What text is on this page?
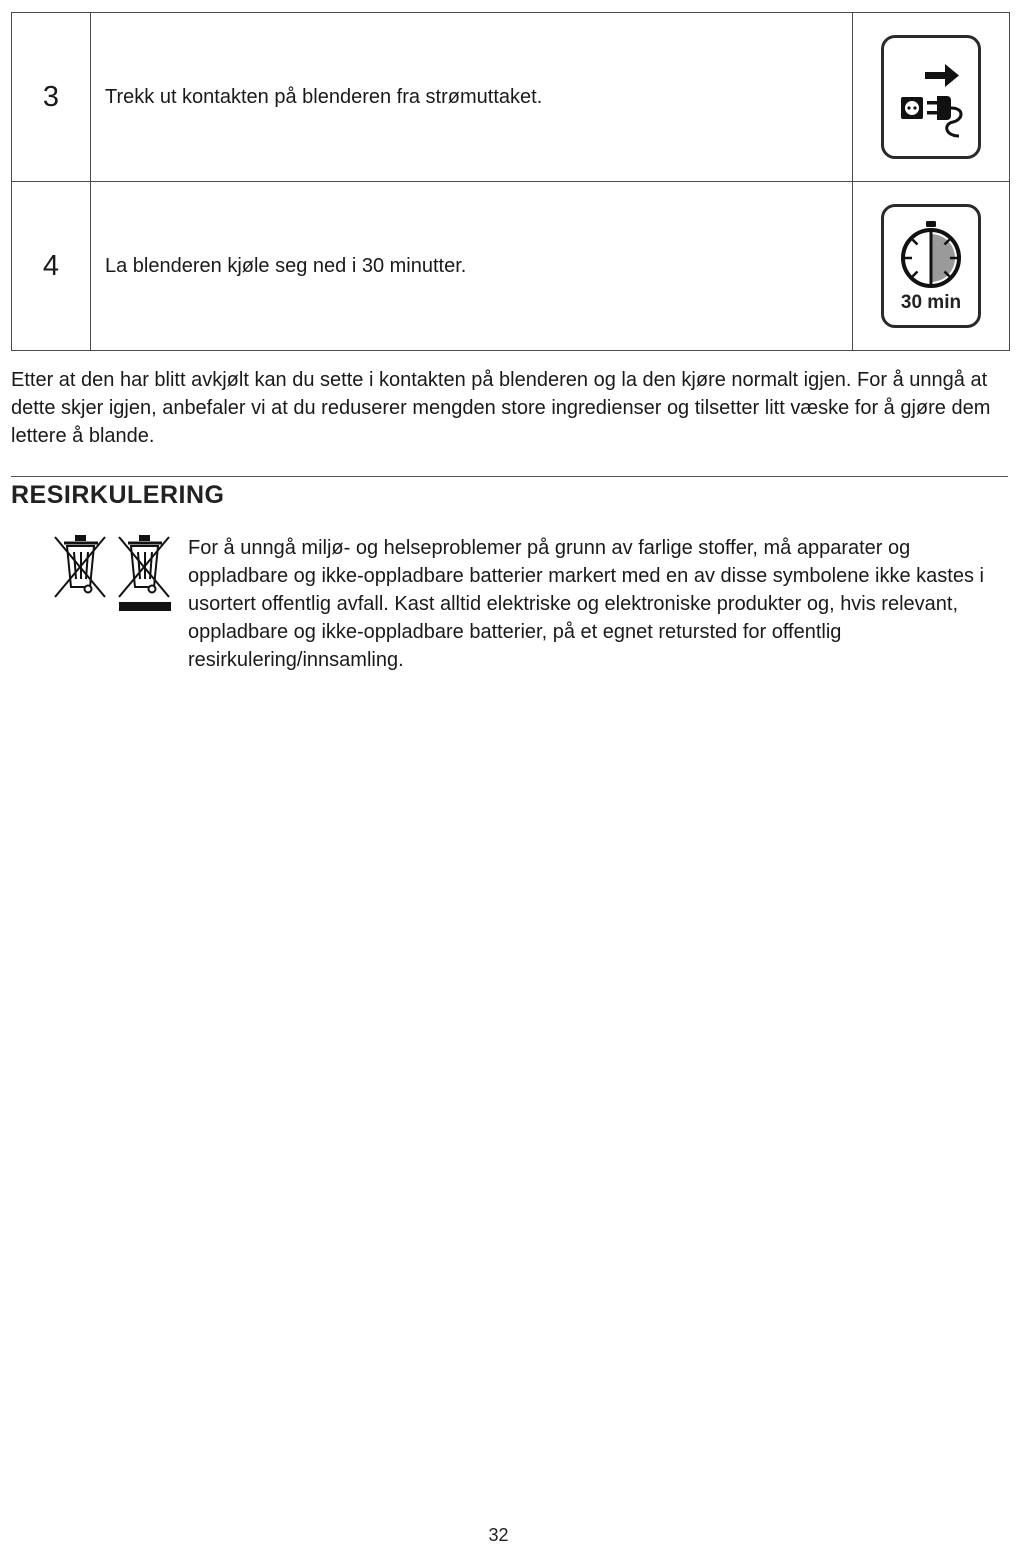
3	Trekk ut kontakten på blenderen fra strømuttaket.	

4	La blenderen kjøle seg ned i 30 minutter.	30 min

Etter at den har blitt avkjølt kan du sette i kontakten på blenderen og la den kjøre normalt igjen. For å unngå at dette skjer igjen, anbefaler vi at du reduserer mengden store ingredienser og tilsetter litt væske for å gjøre dem lettere å blande.

RESIRKULERING

For å unngå miljø- og helseproblemer på grunn av farlige stoffer, må apparater og oppladbare og ikke-oppladbare batterier markert med en av disse symbolene ikke kastes i usortert offentlig avfall. Kast alltid elektriske og elektroniske produkter og, hvis relevant, oppladbare og ikke-oppladbare batterier, på et egnet retursted for offentlig resirkulering/innsamling.

32
